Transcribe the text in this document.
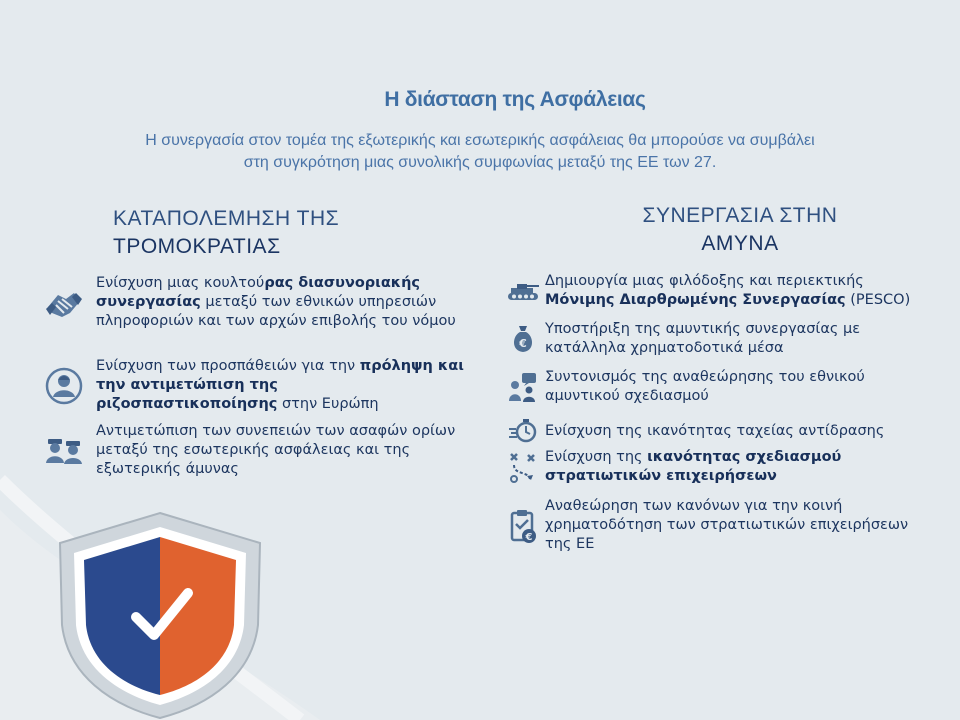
Η διάσταση της Ασφάλειας
Η συνεργασία στον τομέα της εξωτερικής και εσωτερικής ασφάλειας θα μπορούσε να συμβάλει
στη συγκρότηση μιας συνολικής συμφωνίας μεταξύ της ΕΕ των 27.
ΚΑΤΑΠΟΛΕΜΗΣΗ ΤΗΣ
ΤΡΟΜΟΚΡΑΤΙΑΣ
Ενίσχυση μιας κουλτούρας διασυνοριακής συνεργασίας μεταξύ των εθνικών υπηρεσιών πληροφοριών και των αρχών επιβολής του νόμου
Ενίσχυση των προσπάθειών για την πρόληψη και την αντιμετώπιση της ριζοσπαστικοποίησης στην Ευρώπη
Αντιμετώπιση των συνεπειών των ασαφών ορίων μεταξύ της εσωτερικής ασφάλειας και της εξωτερικής άμυνας
ΣΥΝΕΡΓΑΣΙΑ ΣΤΗΝ
ΑΜΥΝΑ
Δημιουργία μιας φιλόδοξης και περιεκτικής Μόνιμης Διαρθρωμένης Συνεργασίας (PESCO)
€
Υποστήριξη της αμυντικής συνεργασίας με κατάλληλα χρηματοδοτικά μέσα
Συντονισμός της αναθεώρησης του εθνικού αμυντικού σχεδιασμού
Ενίσχυση της ικανότητας ταχείας αντίδρασης
Ενίσχυση της ικανότητας σχεδιασμού στρατιωτικών επιχειρήσεων
€
Αναθεώρηση των κανόνων για την κοινή χρηματοδότηση των στρατιωτικών επιχειρήσεων της ΕΕ
